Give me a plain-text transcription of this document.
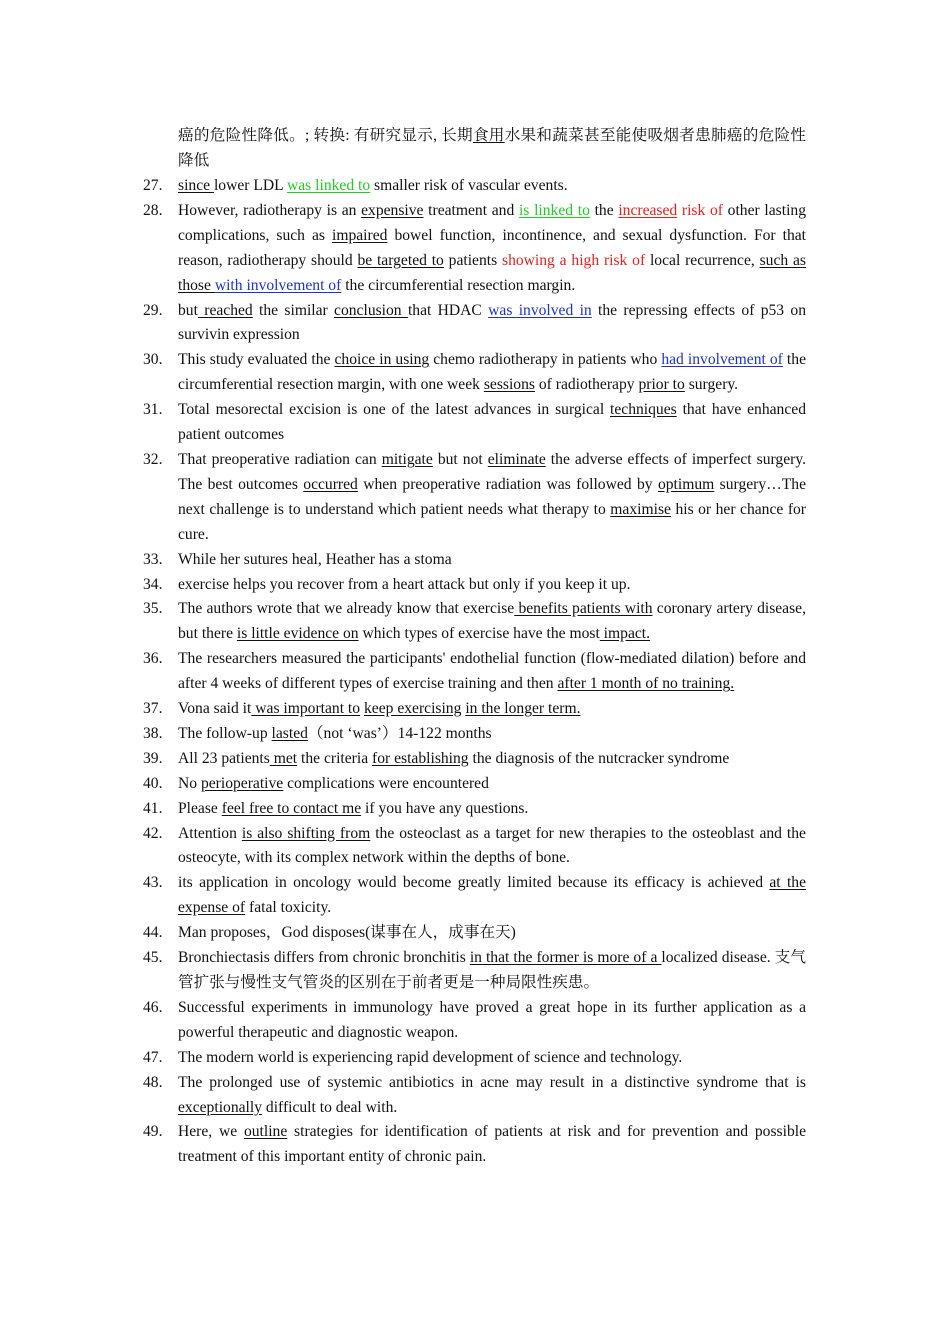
癌的危险性降低。; 转换: 有研究显示, 长期食用水果和蔬菜甚至能使吸烟者患肺癌的危险性降低

27. since lower LDL was linked to smaller risk of vascular events.
28. However, radiotherapy is an expensive treatment and is linked to the increased risk of other lasting complications, such as impaired bowel function, incontinence, and sexual dysfunction. For that reason, radiotherapy should be targeted to patients showing a high risk of local recurrence, such as those with involvement of the circumferential resection margin.
29. but reached the similar conclusion that HDAC was involved in the repressing effects of p53 on survivin expression
30. This study evaluated the choice in using chemo radiotherapy in patients who had involvement of the circumferential resection margin, with one week sessions of radiotherapy prior to surgery.
31. Total mesorectal excision is one of the latest advances in surgical techniques that have enhanced patient outcomes
32. That preoperative radiation can mitigate but not eliminate the adverse effects of imperfect surgery. The best outcomes occurred when preoperative radiation was followed by optimum surgery…The next challenge is to understand which patient needs what therapy to maximise his or her chance for cure.
33. While her sutures heal, Heather has a stoma
34. exercise helps you recover from a heart attack but only if you keep it up.
35. The authors wrote that we already know that exercise benefits patients with coronary artery disease, but there is little evidence on which types of exercise have the most impact.
36. The researchers measured the participants' endothelial function (flow-mediated dilation) before and after 4 weeks of different types of exercise training and then after 1 month of no training.
37. Vona said it was important to keep exercising in the longer term.
38. The follow-up lasted（not ‘was’）14-122 months
39. All 23 patients met the criteria for establishing the diagnosis of the nutcracker syndrome
40. No perioperative complications were encountered
41. Please feel free to contact me if you have any questions.
42. Attention is also shifting from the osteoclast as a target for new therapies to the osteoblast and the osteocyte, with its complex network within the depths of bone.
43. its application in oncology would become greatly limited because its efficacy is achieved at the expense of fatal toxicity.
44. Man proposes，God disposes(谋事在人，成事在天)
45. Bronchiectasis differs from chronic bronchitis in that the former is more of a localized disease. 支气管扩张与慢性支气管炎的区别在于前者更是一种局限性疾患。
46. Successful experiments in immunology have proved a great hope in its further application as a powerful therapeutic and diagnostic weapon.
47. The modern world is experiencing rapid development of science and technology.
48. The prolonged use of systemic antibiotics in acne may result in a distinctive syndrome that is exceptionally difficult to deal with.
49. Here, we outline strategies for identification of patients at risk and for prevention and possible treatment of this important entity of chronic pain.
